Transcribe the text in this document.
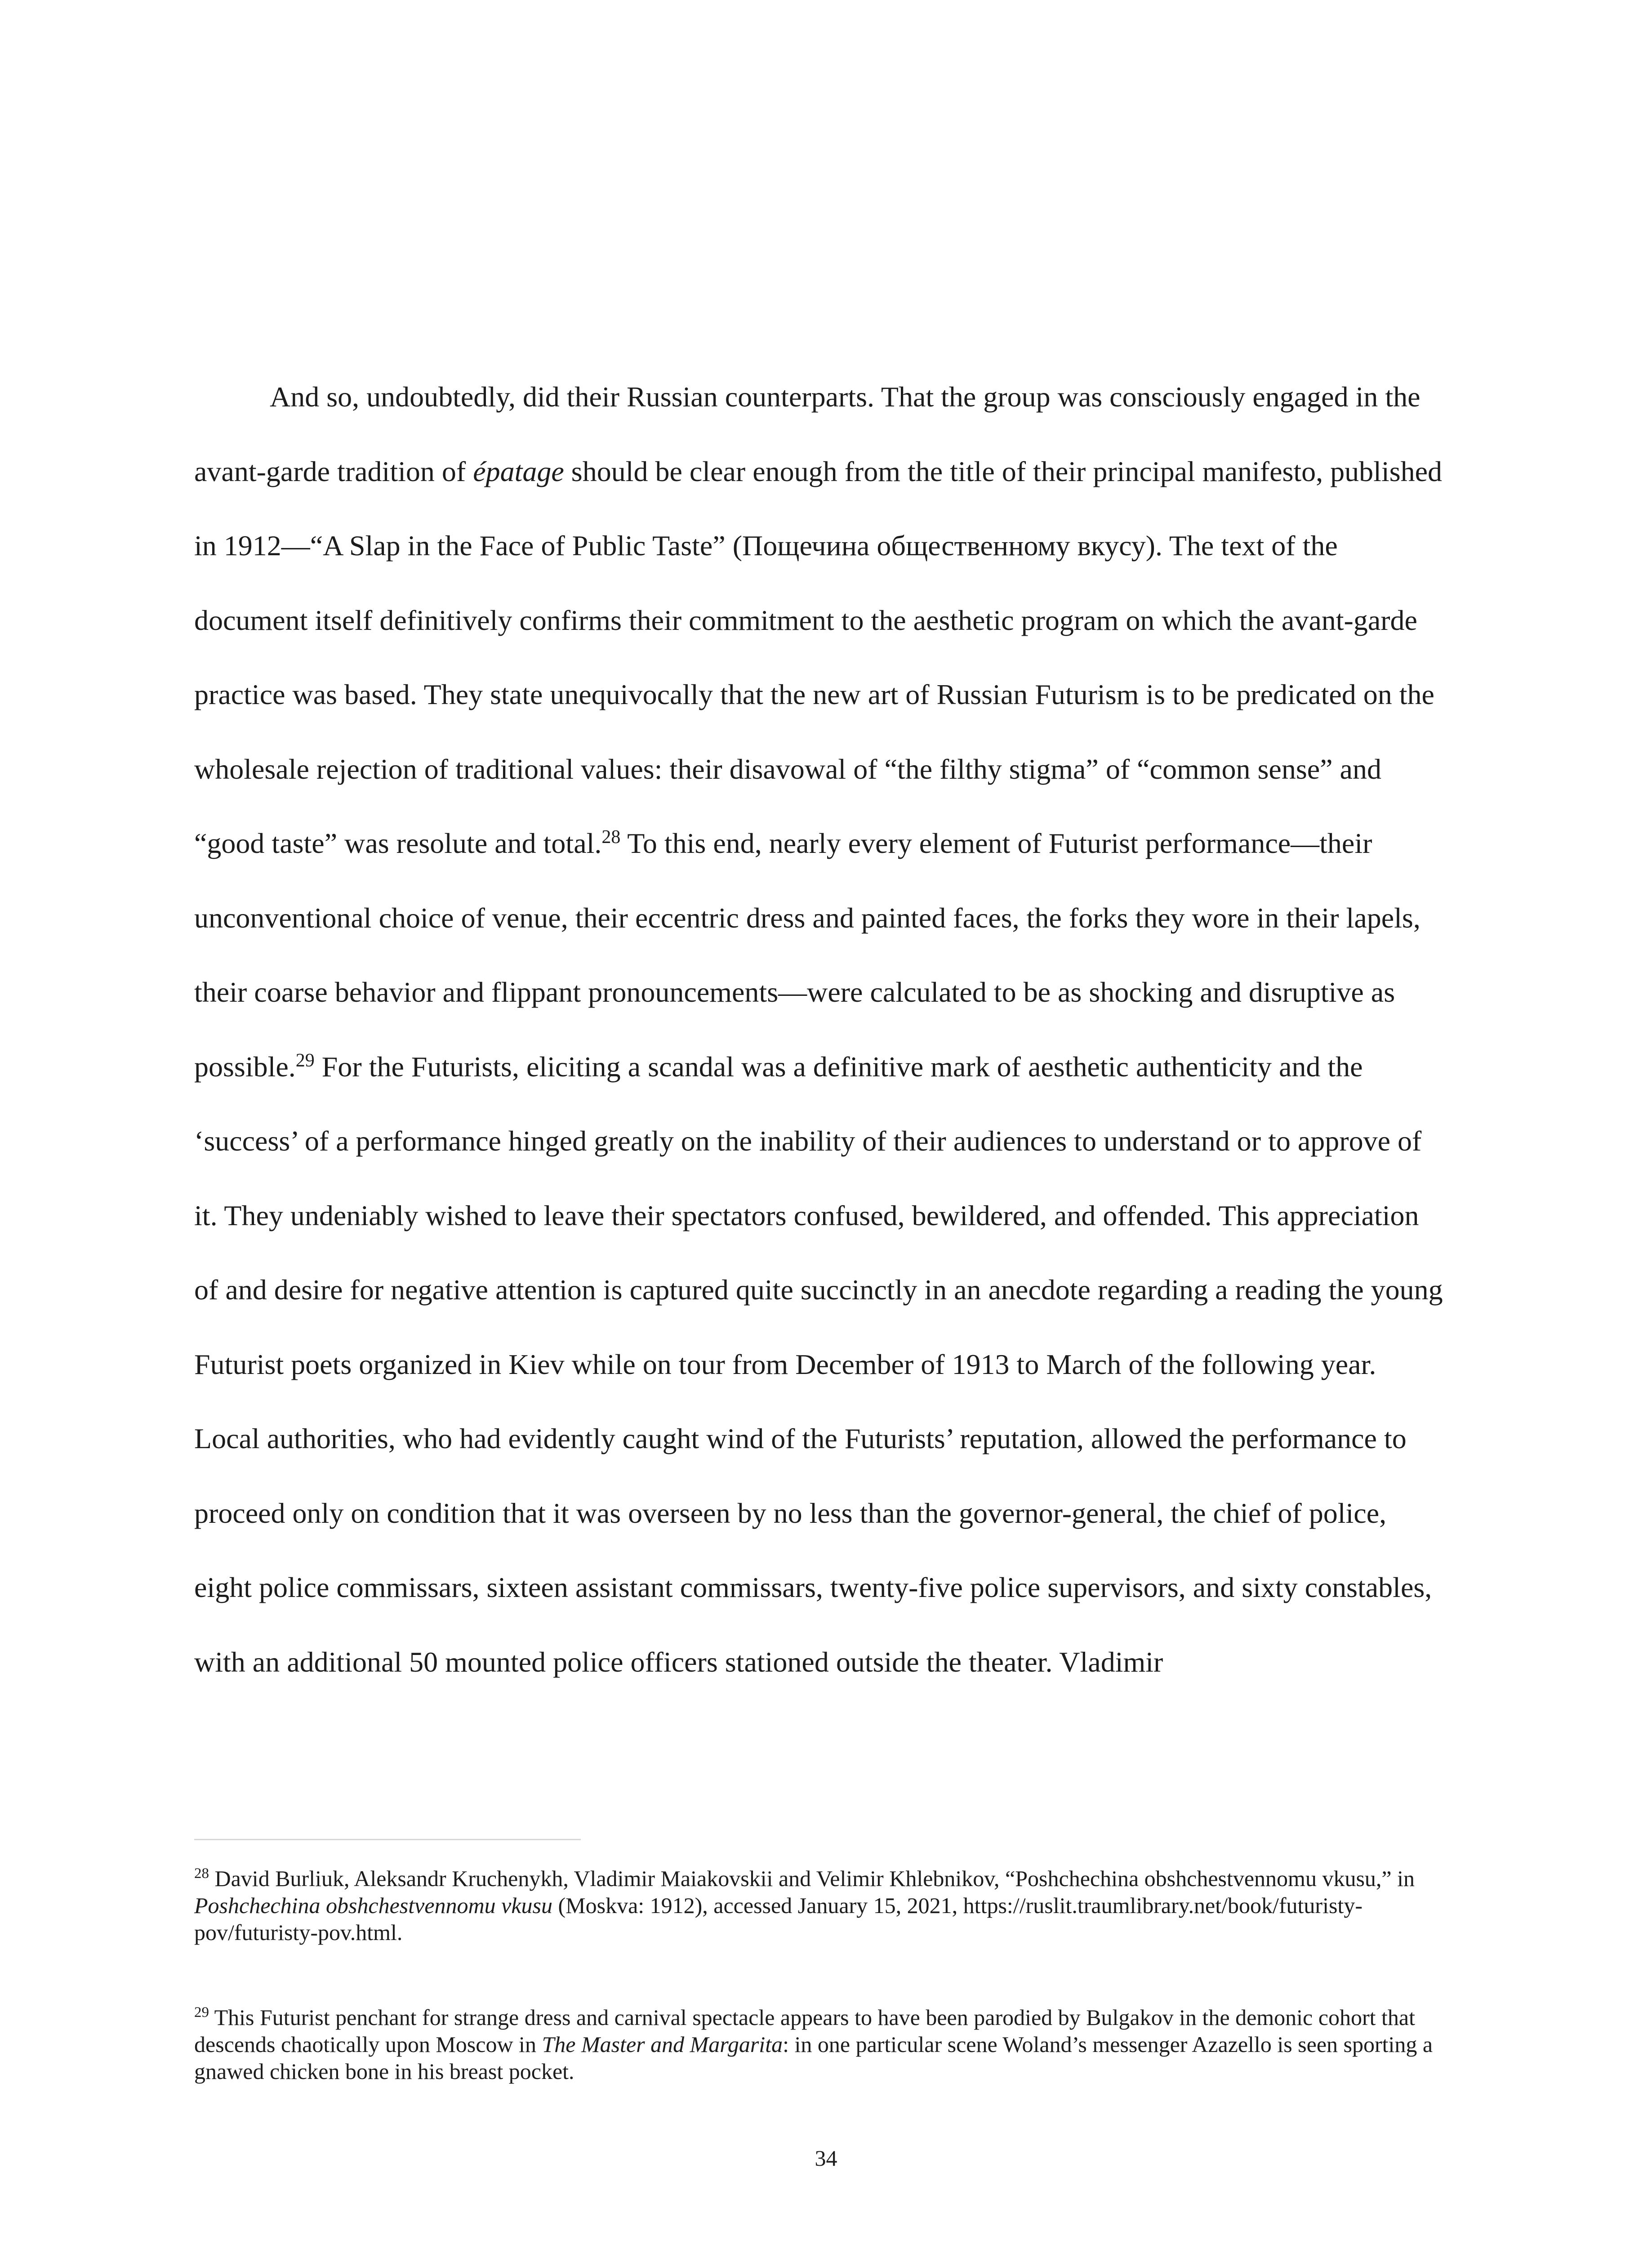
And so, undoubtedly, did their Russian counterparts. That the group was consciously engaged in the avant-garde tradition of épatage should be clear enough from the title of their principal manifesto, published in 1912—“A Slap in the Face of Public Taste” (Пощечина общественному вкусу). The text of the document itself definitively confirms their commitment to the aesthetic program on which the avant-garde practice was based. They state unequivocally that the new art of Russian Futurism is to be predicated on the wholesale rejection of traditional values: their disavowal of “the filthy stigma” of “common sense” and “good taste” was resolute and total.$^{28}$ To this end, nearly every element of Futurist performance—their unconventional choice of venue, their eccentric dress and painted faces, the forks they wore in their lapels, their coarse behavior and flippant pronouncements—were calculated to be as shocking and disruptive as possible.$^{29}$ For the Futurists, eliciting a scandal was a definitive mark of aesthetic authenticity and the ‘success’ of a performance hinged greatly on the inability of their audiences to understand or to approve of it. They undeniably wished to leave their spectators confused, bewildered, and offended. This appreciation of and desire for negative attention is captured quite succinctly in an anecdote regarding a reading the young Futurist poets organized in Kiev while on tour from December of 1913 to March of the following year. Local authorities, who had evidently caught wind of the Futurists’ reputation, allowed the performance to proceed only on condition that it was overseen by no less than the governor-general, the chief of police, eight police commissars, sixteen assistant commissars, twenty-five police supervisors, and sixty constables, with an additional 50 mounted police officers stationed outside the theater. Vladimir

$^{28}$ David Burliuk, Aleksandr Kruchenykh, Vladimir Maiakovskii and Velimir Khlebnikov, “Poshchechina obshchestvennomu vkusu,” in Poshchechina obshchestvennomu vkusu (Moskva: 1912), accessed January 15, 2021, https://ruslit.traumlibrary.net/book/futuristy-pov/futuristy-pov.html.

$^{29}$ This Futurist penchant for strange dress and carnival spectacle appears to have been parodied by Bulgakov in the demonic cohort that descends chaotically upon Moscow in The Master and Margarita: in one particular scene Woland’s messenger Azazello is seen sporting a gnawed chicken bone in his breast pocket.

34
